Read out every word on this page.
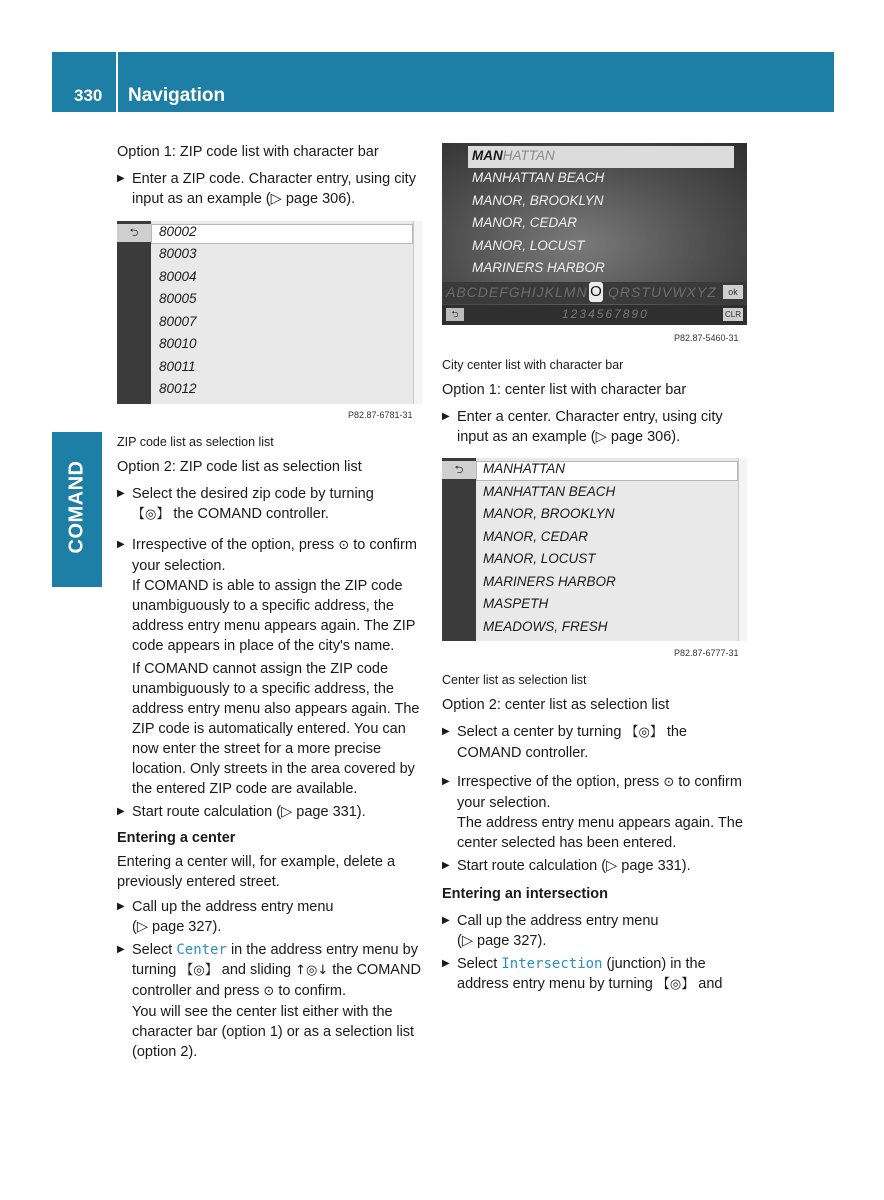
330 Navigation
COMAND

Option 1: ZIP code list with character bar

▶ Enter a ZIP code. Character entry, using city input as an example (▷ page 306).

⮌	80002
80003
80004
80005
80007
80010
80011
80012
P82.87-6781-31

ZIP code list as selection list

Option 2: ZIP code list as selection list

▶ Select the desired zip code by turning
【◎】 the COMAND controller.

▶ Irrespective of the option, press ⊙ to confirm your selection.

If COMAND is able to assign the ZIP code unambiguously to a specific address, the address entry menu appears again. The ZIP code appears in place of the city's name.

If COMAND cannot assign the ZIP code unambiguously to a specific address, the address entry menu also appears again. The ZIP code is automatically entered. You can now enter the street for a more precise location. Only streets in the area covered by the entered ZIP code are available.

▶ Start route calculation (▷ page 331).

Entering a center

Entering a center will, for example, delete a previously entered street.

▶ Call up the address entry menu
(▷ page 327).

▶ Select Center in the address entry menu by turning 【◎】 and sliding ↑◎↓ the COMAND controller and press ⊙ to confirm.

You will see the center list either with the character bar (option 1) or as a selection list (option 2).

MANHATTAN
MANHATTAN BEACH
MANOR, BROOKLYN
MANOR, CEDAR
MANOR, LOCUST
MARINERS HARBOR
ABCDEFGHIJKLMN O QRSTUVWXYZ	ok
⮌	1234567890	CLR
P82.87-5460-31

City center list with character bar

Option 1: center list with character bar

▶ Enter a center. Character entry, using city input as an example (▷ page 306).

⮌	MANHATTAN
MANHATTAN BEACH
MANOR, BROOKLYN
MANOR, CEDAR
MANOR, LOCUST
MARINERS HARBOR
MASPETH
MEADOWS, FRESH
P82.87-6777-31

Center list as selection list

Option 2: center list as selection list

▶ Select a center by turning 【◎】 the COMAND controller.

▶ Irrespective of the option, press ⊙ to confirm your selection.

The address entry menu appears again. The center selected has been entered.

▶ Start route calculation (▷ page 331).

Entering an intersection

▶ Call up the address entry menu
(▷ page 327).

▶ Select Intersection (junction) in the address entry menu by turning 【◎】 and
